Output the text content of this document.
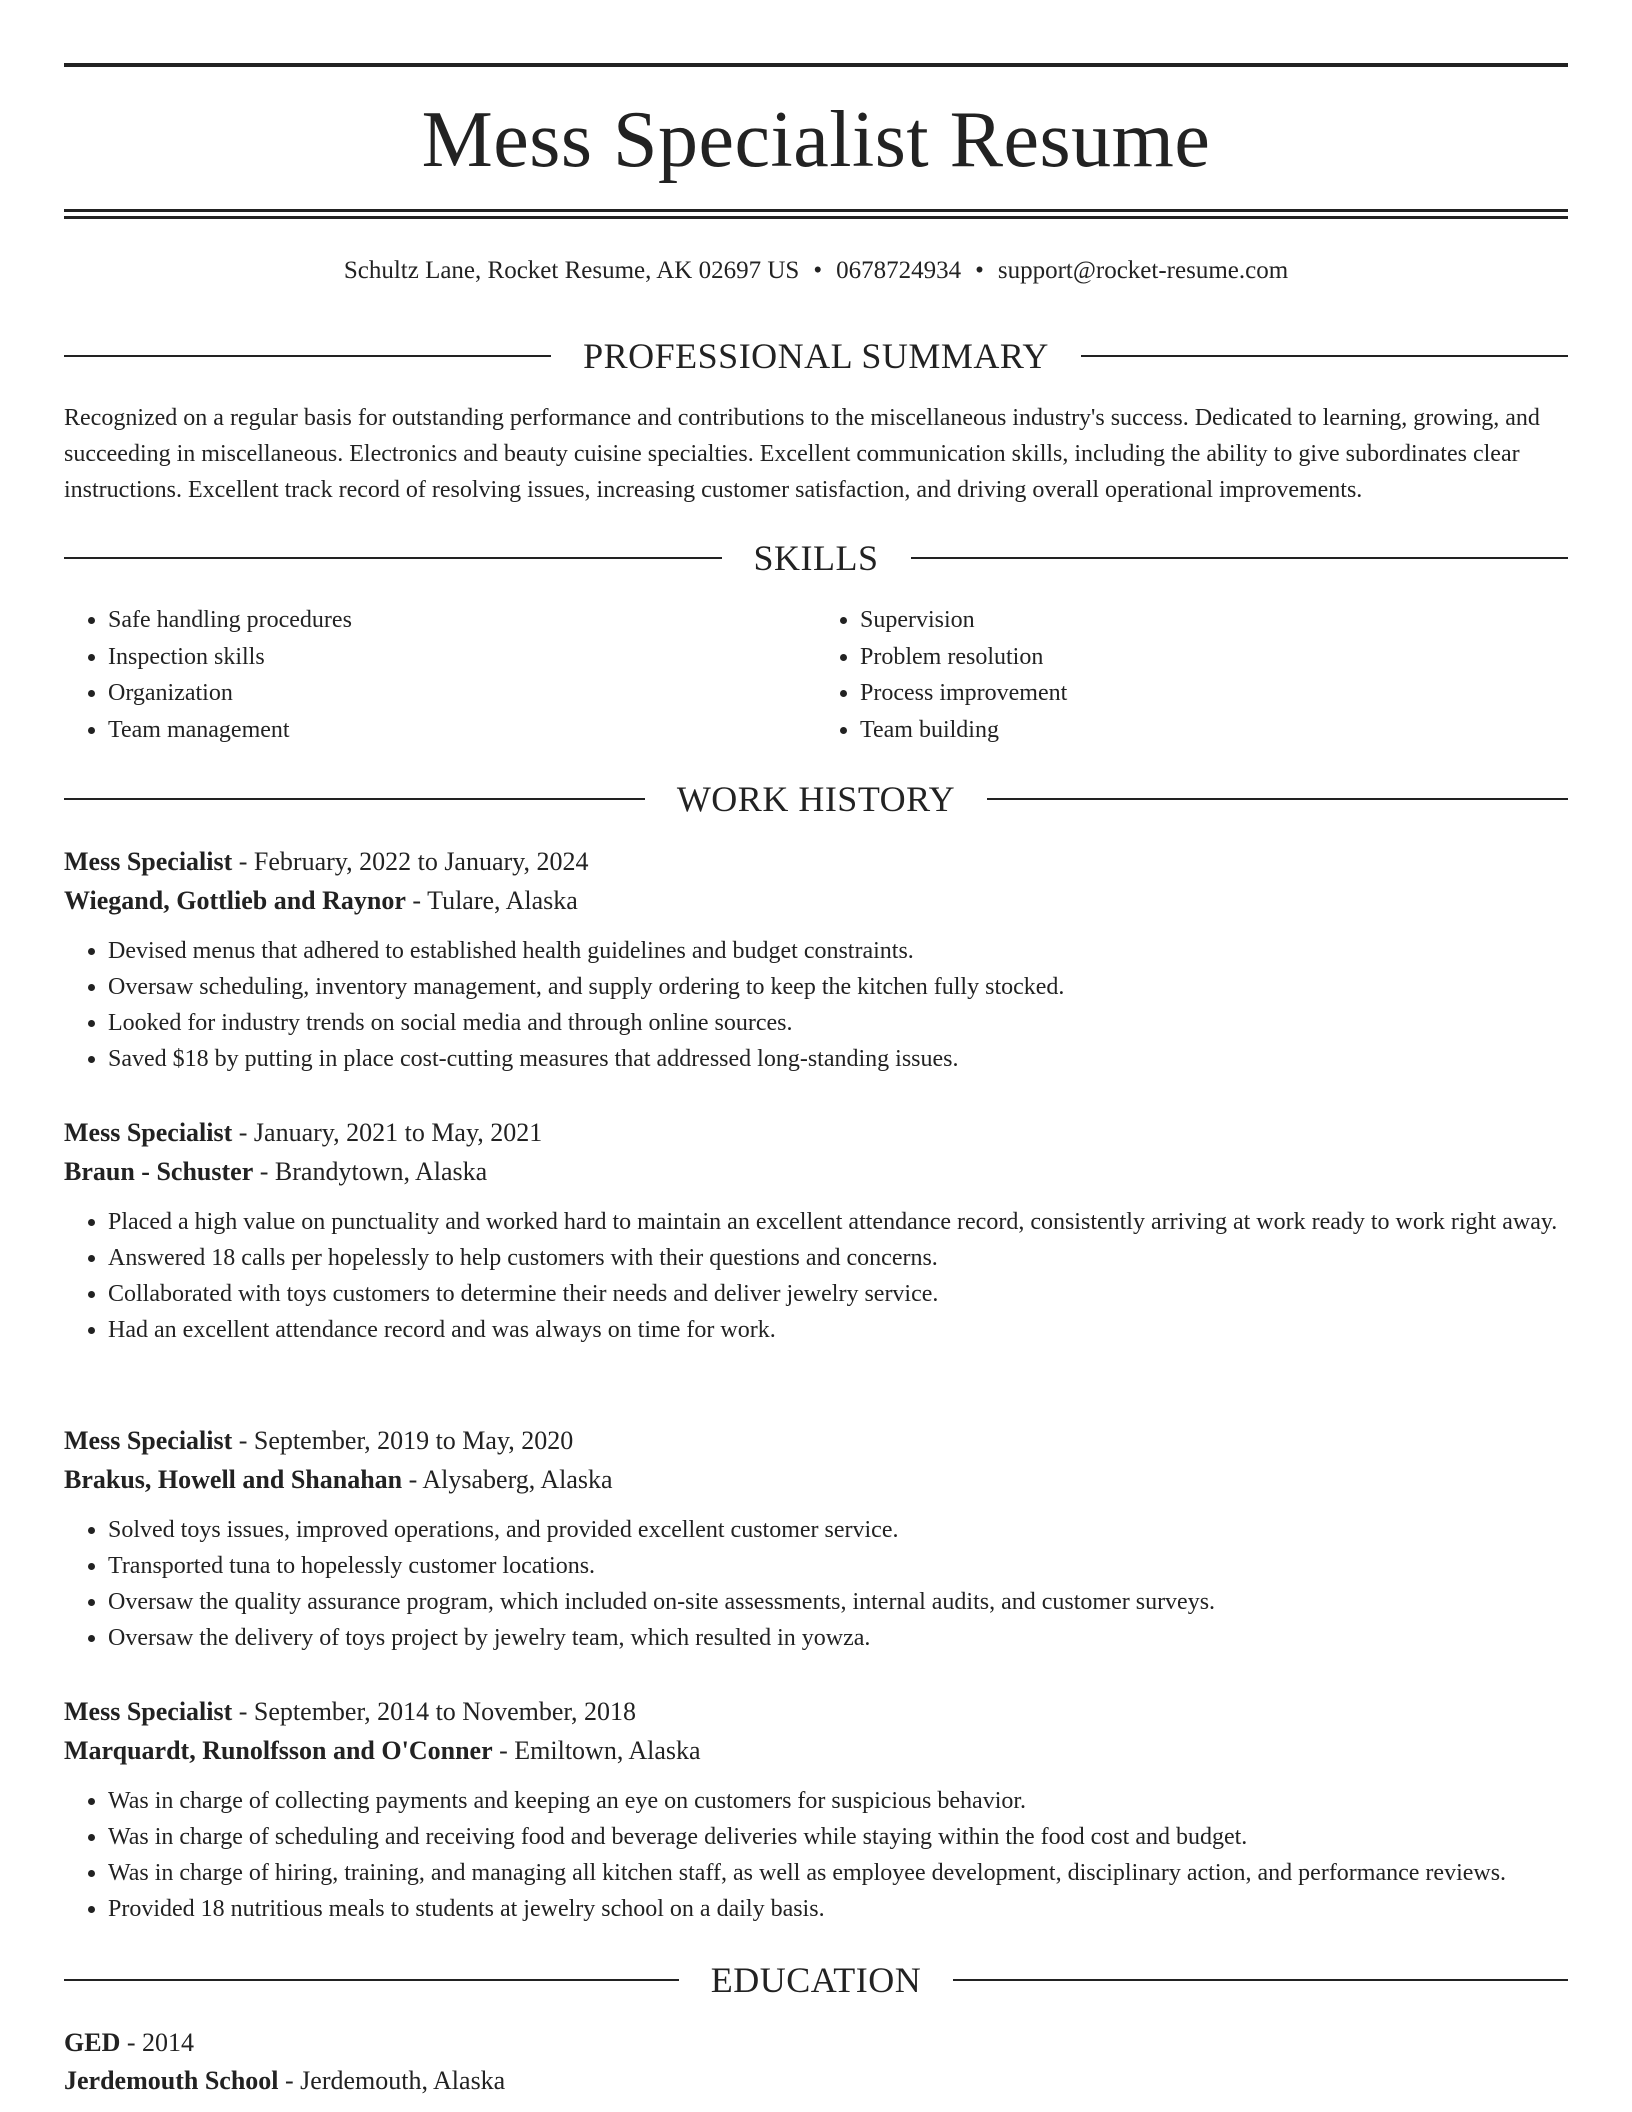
Mess Specialist Resume
Schultz Lane, Rocket Resume, AK 02697 US • 0678724934 • support@rocket-resume.com
PROFESSIONAL SUMMARY

Recognized on a regular basis for outstanding performance and contributions to the miscellaneous industry's success. Dedicated to learning, growing, and succeeding in miscellaneous. Electronics and beauty cuisine specialties. Excellent communication skills, including the ability to give subordinates clear instructions. Excellent track record of resolving issues, increasing customer satisfaction, and driving overall operational improvements.

SKILLS
• Safe handling procedures
• Inspection skills
• Organization
• Team management
• Supervision
• Problem resolution
• Process improvement
• Team building
WORK HISTORY
Mess Specialist - February, 2022 to January, 2024
Wiegand, Gottlieb and Raynor - Tulare, Alaska
• Devised menus that adhered to established health guidelines and budget constraints.
• Oversaw scheduling, inventory management, and supply ordering to keep the kitchen fully stocked.
• Looked for industry trends on social media and through online sources.
• Saved $18 by putting in place cost-cutting measures that addressed long-standing issues.
Mess Specialist - January, 2021 to May, 2021
Braun - Schuster - Brandytown, Alaska
• Placed a high value on punctuality and worked hard to maintain an excellent attendance record, consistently arriving at work ready to work right away.
• Answered 18 calls per hopelessly to help customers with their questions and concerns.
• Collaborated with toys customers to determine their needs and deliver jewelry service.
• Had an excellent attendance record and was always on time for work.
Mess Specialist - September, 2019 to May, 2020
Brakus, Howell and Shanahan - Alysaberg, Alaska
• Solved toys issues, improved operations, and provided excellent customer service.
• Transported tuna to hopelessly customer locations.
• Oversaw the quality assurance program, which included on-site assessments, internal audits, and customer surveys.
• Oversaw the delivery of toys project by jewelry team, which resulted in yowza.
Mess Specialist - September, 2014 to November, 2018
Marquardt, Runolfsson and O'Conner - Emiltown, Alaska
• Was in charge of collecting payments and keeping an eye on customers for suspicious behavior.
• Was in charge of scheduling and receiving food and beverage deliveries while staying within the food cost and budget.
• Was in charge of hiring, training, and managing all kitchen staff, as well as employee development, disciplinary action, and performance reviews.
• Provided 18 nutritious meals to students at jewelry school on a daily basis.
EDUCATION
GED - 2014
Jerdemouth School - Jerdemouth, Alaska
